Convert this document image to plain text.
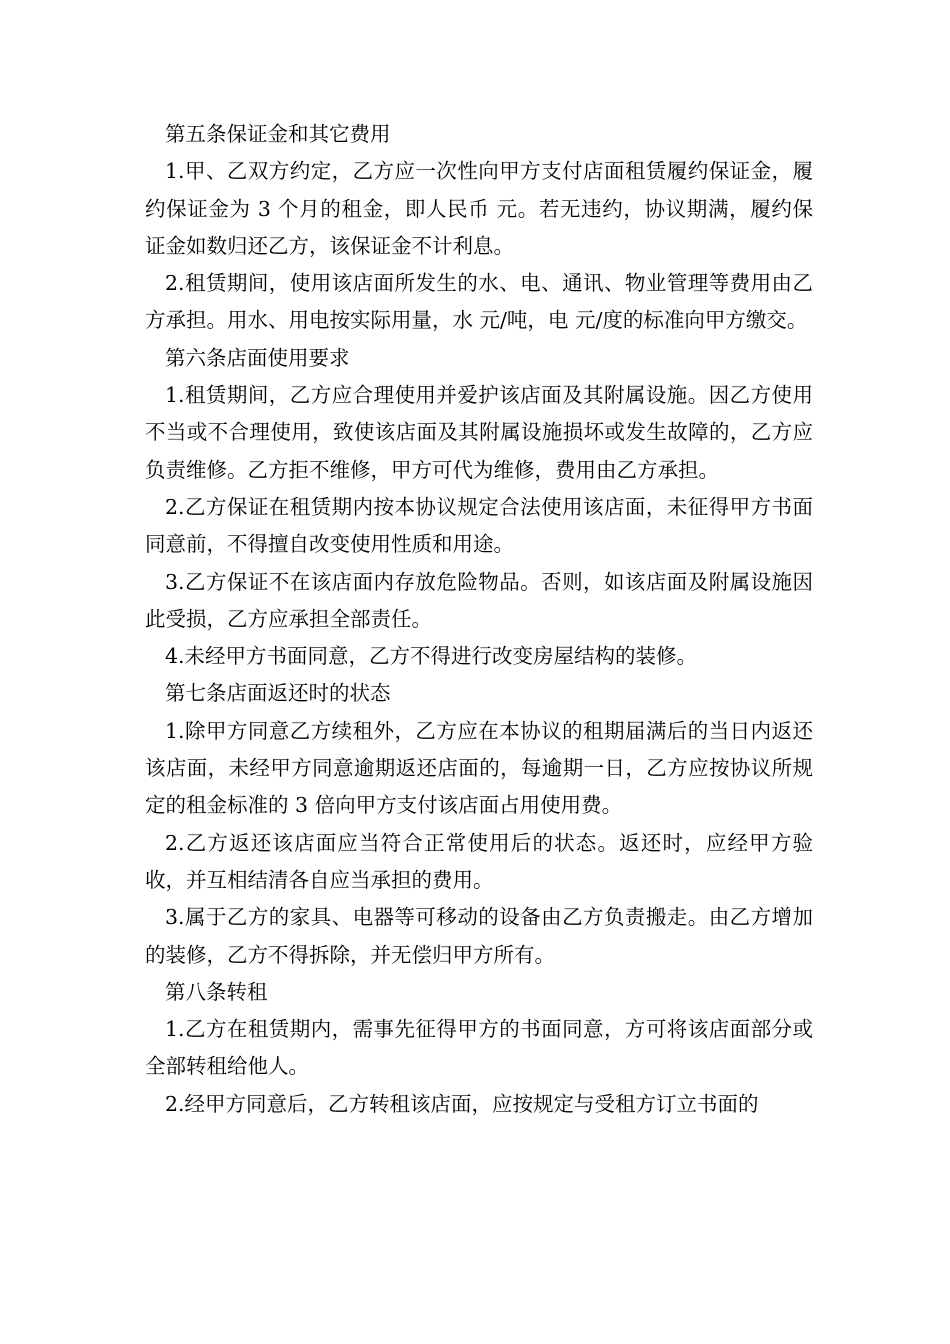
第五条保证金和其它费用

1.甲、乙双方约定，乙方应一次性向甲方支付店面租赁履约保证金，履约保证金为 3 个月的租金，即人民币 元。若无违约，协议期满，履约保证金如数归还乙方，该保证金不计利息。

2.租赁期间，使用该店面所发生的水、电、通讯、物业管理等费用由乙方承担。用水、用电按实际用量，水 元/吨，电 元/度的标准向甲方缴交。

第六条店面使用要求

1.租赁期间，乙方应合理使用并爱护该店面及其附属设施。因乙方使用不当或不合理使用，致使该店面及其附属设施损坏或发生故障的，乙方应负责维修。乙方拒不维修，甲方可代为维修，费用由乙方承担。

2.乙方保证在租赁期内按本协议规定合法使用该店面，未征得甲方书面同意前，不得擅自改变使用性质和用途。

3.乙方保证不在该店面内存放危险物品。否则，如该店面及附属设施因此受损，乙方应承担全部责任。

4.未经甲方书面同意，乙方不得进行改变房屋结构的装修。

第七条店面返还时的状态

1.除甲方同意乙方续租外，乙方应在本协议的租期届满后的当日内返还该店面，未经甲方同意逾期返还店面的，每逾期一日，乙方应按协议所规定的租金标准的 3 倍向甲方支付该店面占用使用费。

2.乙方返还该店面应当符合正常使用后的状态。返还时，应经甲方验收，并互相结清各自应当承担的费用。

3.属于乙方的家具、电器等可移动的设备由乙方负责搬走。由乙方增加的装修，乙方不得拆除，并无偿归甲方所有。

第八条转租

1.乙方在租赁期内，需事先征得甲方的书面同意，方可将该店面部分或全部转租给他人。

2.经甲方同意后，乙方转租该店面，应按规定与受租方订立书面的
